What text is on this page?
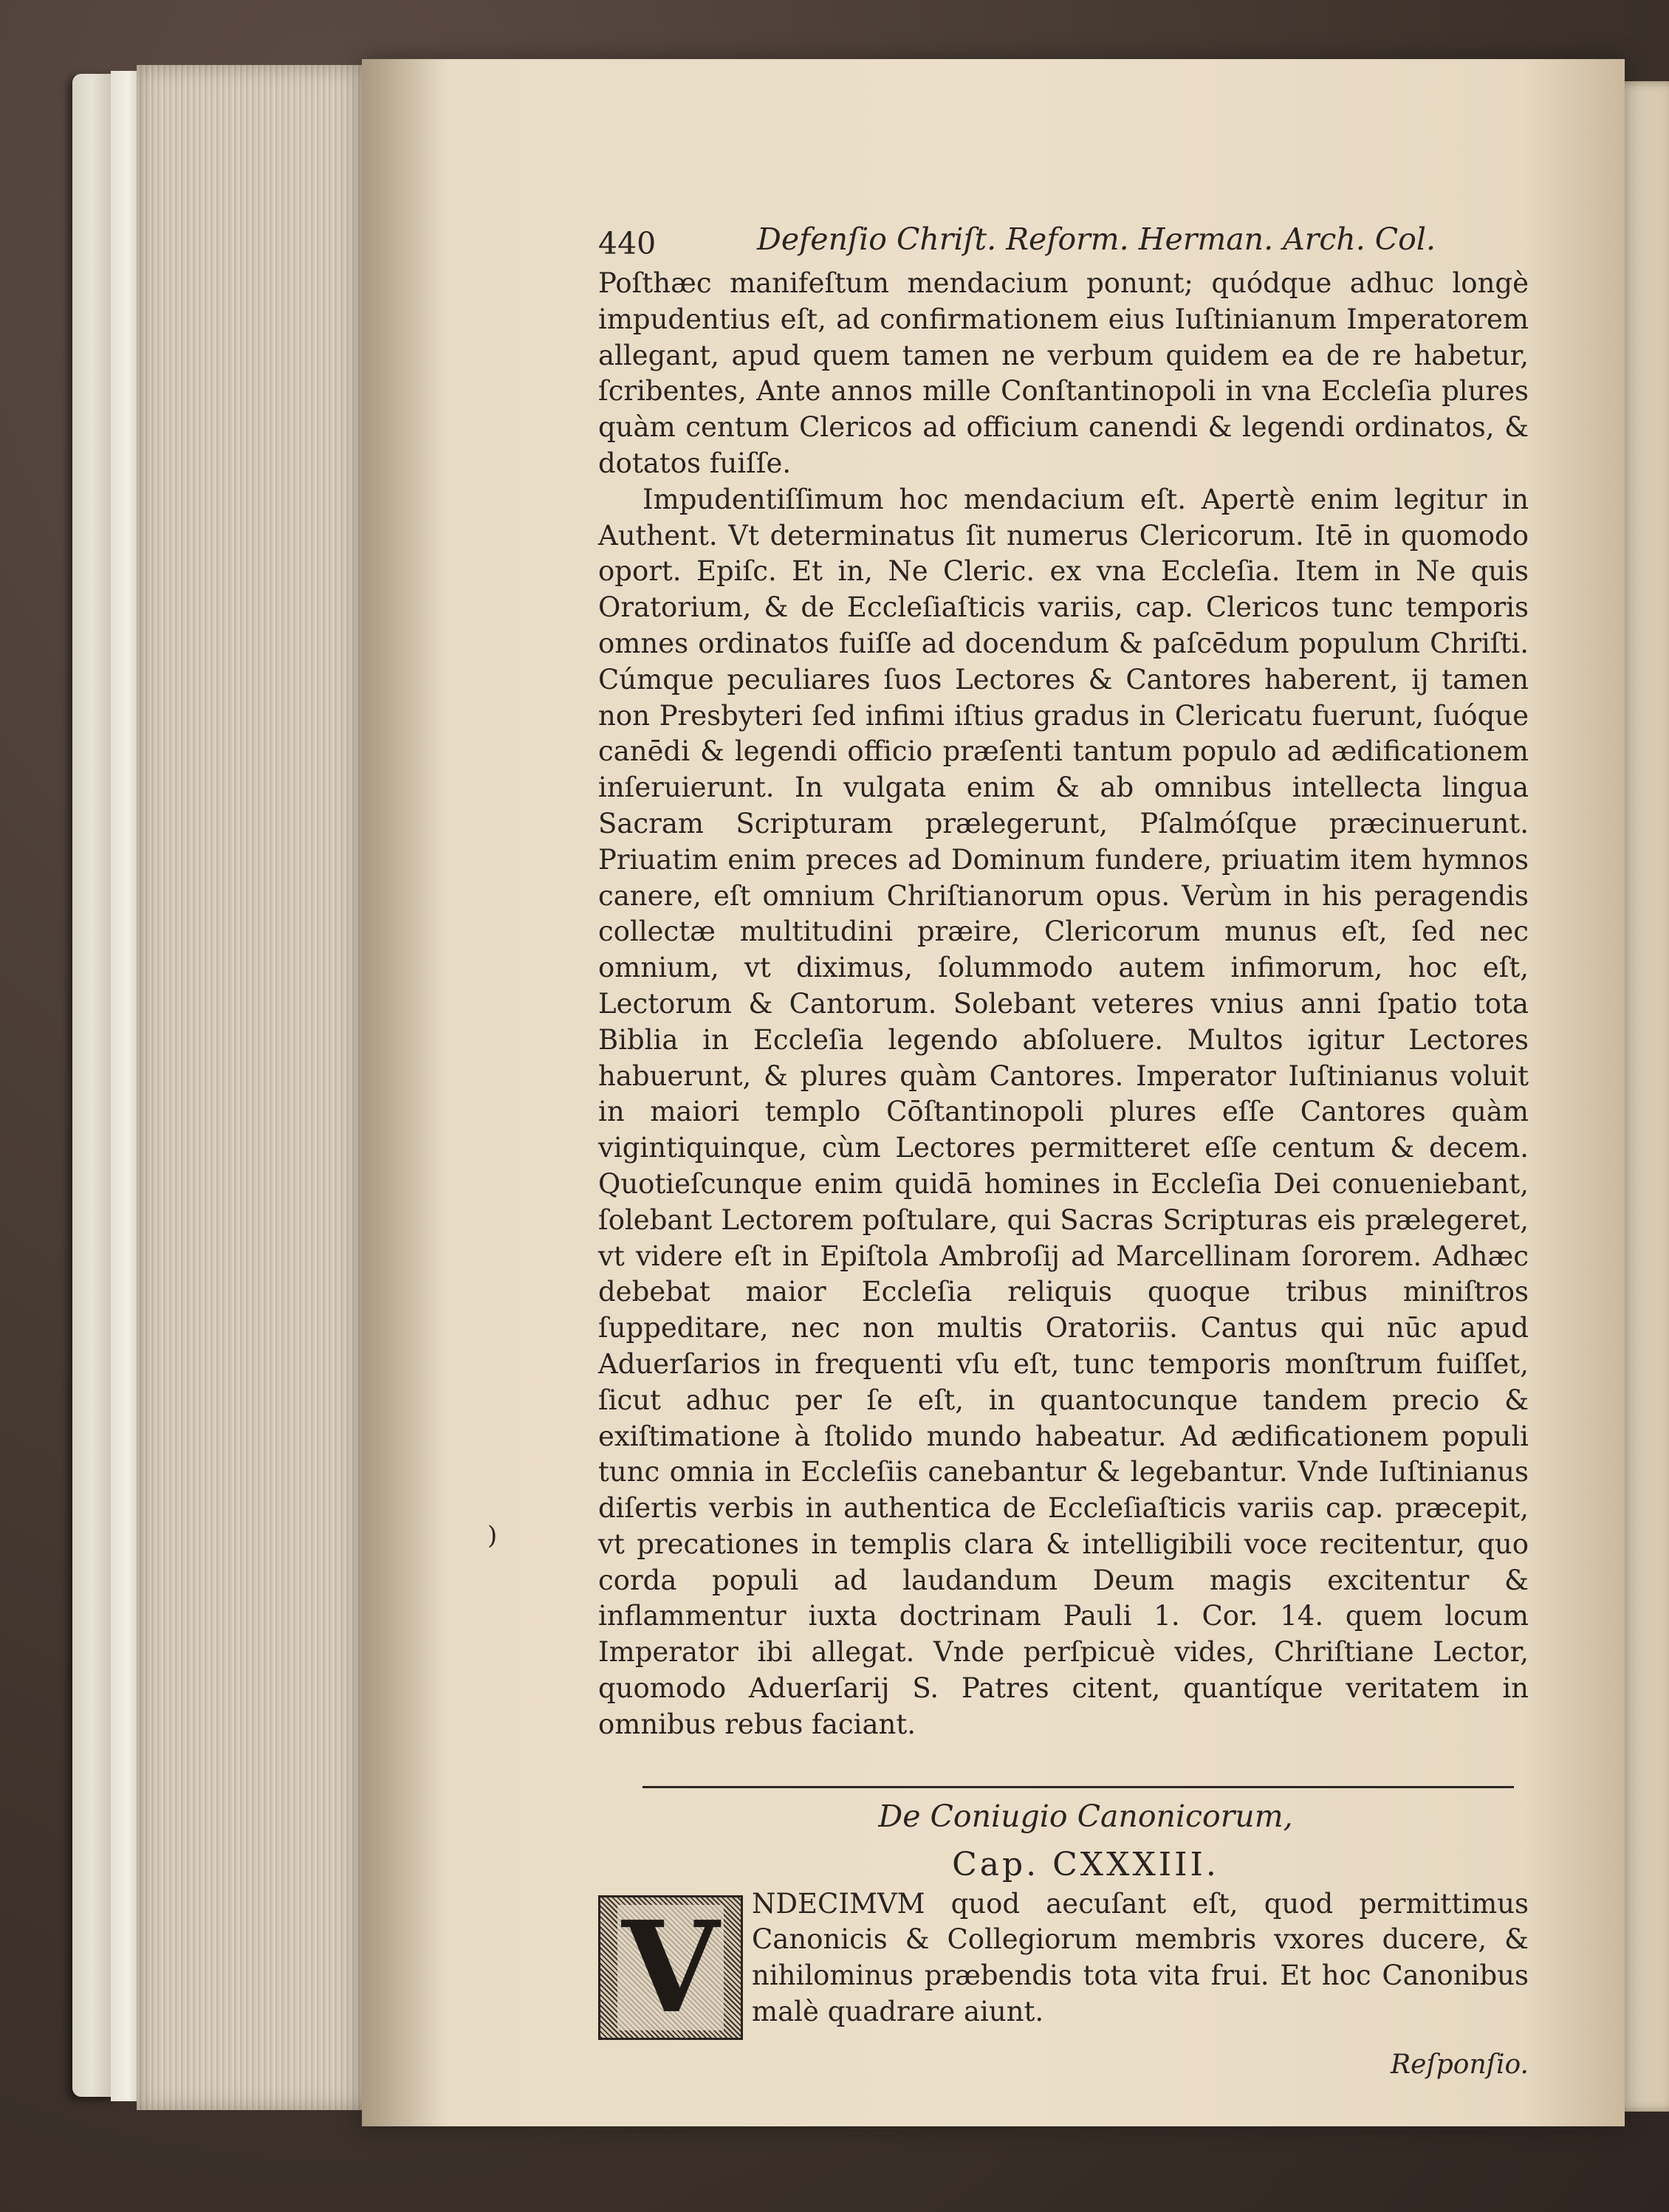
)
440	Defenſio Chriſt. Reform. Herman. Arch. Col.

Poſthæc manifeſtum mendacium ponunt; quódque adhuc longè impudentius eſt, ad confirmationem eius Iuſtinianum Imperatorem allegant, apud quem tamen ne verbum quidem ea de re habetur, ſcribentes, Ante annos mille Conſtantinopoli in vna Eccleſia plures quàm centum Clericos ad officium canendi & legendi ordinatos, & dotatos fuiſſe.

Impudentiſſimum hoc mendacium eſt. Apertè enim legitur in Authent. Vt determinatus ſit numerus Clericorum. Itē in quomodo oport. Epiſc. Et in, Ne Cleric. ex vna Eccleſia. Item in Ne quis Oratorium, & de Eccleſiaſticis variis, cap. Clericos tunc temporis omnes ordinatos fuiſſe ad docendum & paſcēdum populum Chriſti. Cúmque peculiares ſuos Lectores & Cantores haberent, ij tamen non Presbyteri ſed infimi iſtius gradus in Clericatu fuerunt, ſuóque canēdi & legendi officio præſenti tantum populo ad ædificationem inſeruierunt. In vulgata enim & ab omnibus intellecta lingua Sacram Scripturam prælegerunt, Pſalmóſque præcinuerunt. Priuatim enim preces ad Dominum fundere, priuatim item hymnos canere, eſt omnium Chriſtianorum opus. Verùm in his peragendis collectæ multitudini præire, Clericorum munus eſt, ſed nec omnium, vt diximus, ſolummodo autem infimorum, hoc eſt, Lectorum & Cantorum. Solebant veteres vnius anni ſpatio tota Biblia in Eccleſia legendo abſoluere. Multos igitur Lectores habuerunt, & plures quàm Cantores. Imperator Iuſtinianus voluit in maiori templo Cōſtantinopoli plures eſſe Cantores quàm vigintiquinque, cùm Lectores permitteret eſſe centum & decem. Quotieſcunque enim quidā homines in Eccleſia Dei conueniebant, ſolebant Lectorem poſtulare, qui Sacras Scripturas eis prælegeret, vt videre eſt in Epiſtola Ambroſij ad Marcellinam ſororem. Adhæc debebat maior Eccleſia reliquis quoque tribus miniſtros ſuppeditare, nec non multis Oratoriis. Cantus qui nūc apud Aduerſarios in frequenti vſu eſt, tunc temporis monſtrum fuiſſet, ſicut adhuc per ſe eſt, in quantocunque tandem precio & exiſtimatione à ſtolido mundo habeatur. Ad ædificationem populi tunc omnia in Eccleſiis canebantur & legebantur. Vnde Iuſtinianus diſertis verbis in authentica de Eccleſiaſticis variis cap. præcepit, vt precationes in templis clara & intelligibili voce recitentur, quo corda populi ad laudandum Deum magis excitentur & inflammentur iuxta doctrinam Pauli 1. Cor. 14. quem locum Imperator ibi allegat. Vnde perſpicuè vides, Chriſtiane Lector, quomodo Aduerſarij S. Patres citent, quantíque veritatem in omnibus rebus faciant.

De Coniugio Canonicorum,
Cap. CXXXIII.
V NDECIMVM quod aecuſant eſt, quod permittimus Canonicis & Collegiorum membris vxores ducere, & nihilominus præbendis tota vita frui. Et hoc Canonibus malè quadrare aiunt.
Reſponſio.
